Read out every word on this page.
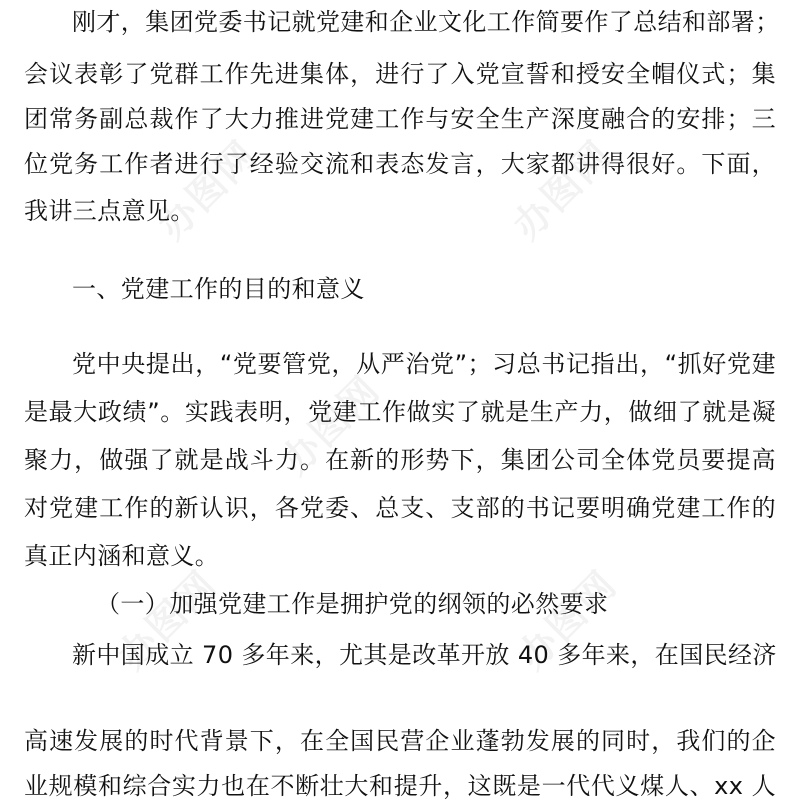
办图网	办图网
办图网
办图网	办图网

刚才，集团党委书记就党建和企业文化工作简要作了总结和部署；

会议表彰了党群工作先进集体，进行了入党宣誓和授安全帽仪式；集

团常务副总裁作了大力推进党建工作与安全生产深度融合的安排；三

位党务工作者进行了经验交流和表态发言，大家都讲得很好。下面，

我讲三点意见。

一、党建工作的目的和意义

党中央提出，“党要管党，从严治党”；习总书记指出，“抓好党建

是最大政绩”。实践表明，党建工作做实了就是生产力，做细了就是凝

聚力，做强了就是战斗力。在新的形势下，集团公司全体党员要提高

对党建工作的新认识，各党委、总支、支部的书记要明确党建工作的

真正内涵和意义。

（一）加强党建工作是拥护党的纲领的必然要求

新中国成立 70 多年来，尤其是改革开放 40 多年来，在国民经济

高速发展的时代背景下，在全国民营企业蓬勃发展的同时，我们的企

业规模和综合实力也在不断壮大和提升，这既是一代代义煤人、xx 人
